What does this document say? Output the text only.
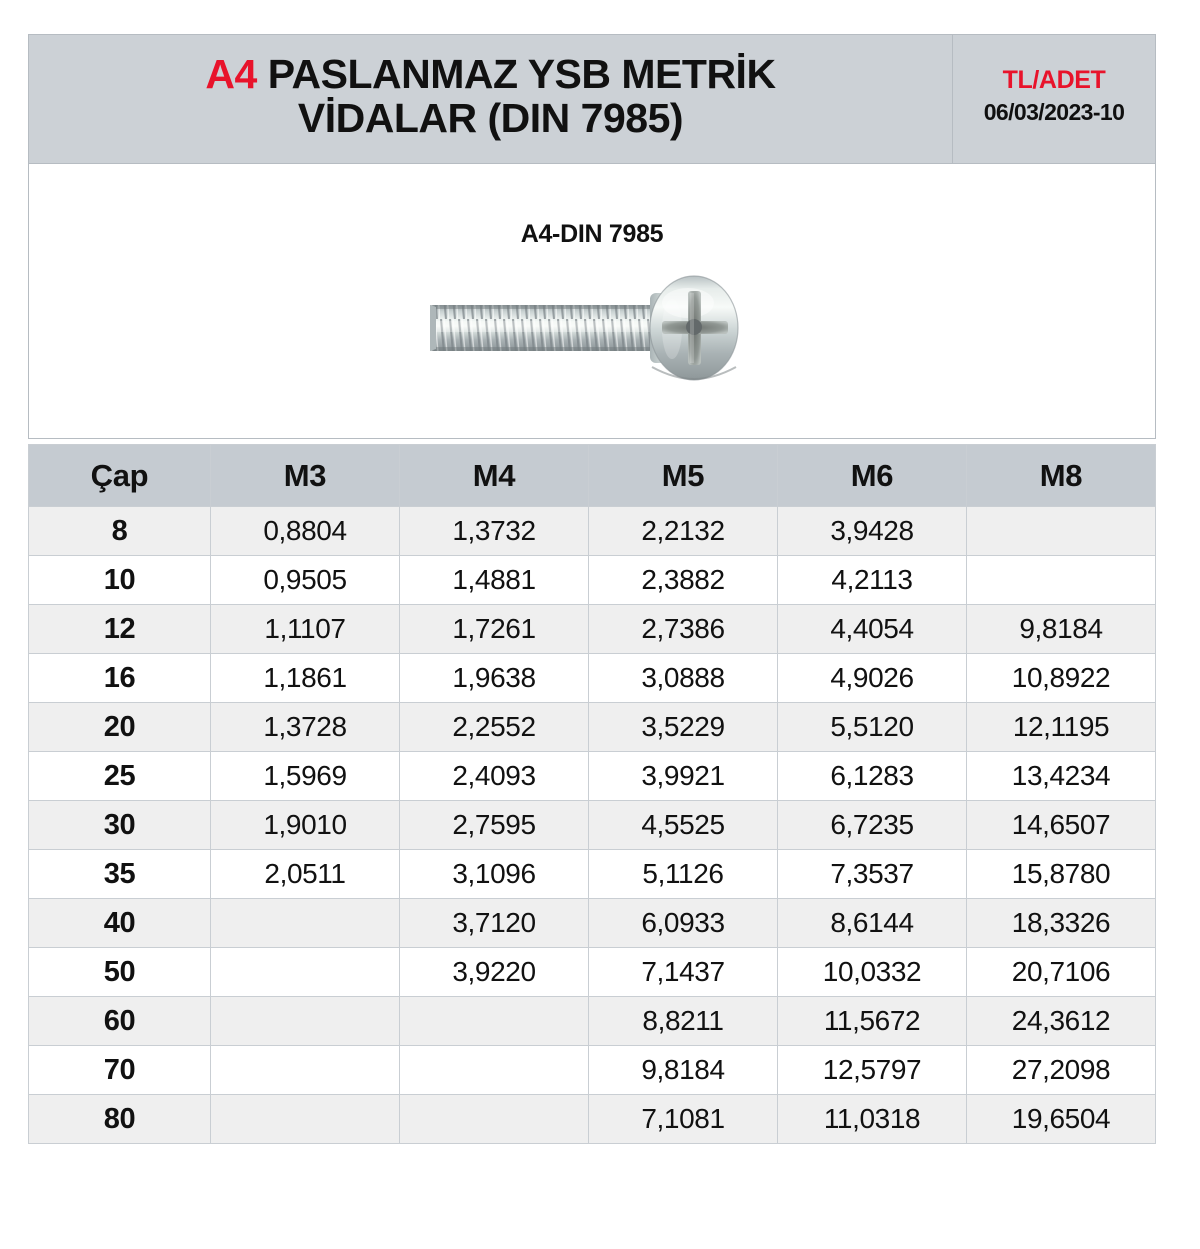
A4 PASLANMAZ YSB METRİK
VİDALAR (DIN 7985)
TL/ADET
06/03/2023-10
A4-DIN 7985
Çap	M3	M4	M5	M6	M8
8	0,8804	1,3732	2,2132	3,9428	
10	0,9505	1,4881	2,3882	4,2113	
12	1,1107	1,7261	2,7386	4,4054	9,8184
16	1,1861	1,9638	3,0888	4,9026	10,8922
20	1,3728	2,2552	3,5229	5,5120	12,1195
25	1,5969	2,4093	3,9921	6,1283	13,4234
30	1,9010	2,7595	4,5525	6,7235	14,6507
35	2,0511	3,1096	5,1126	7,3537	15,8780
40		3,7120	6,0933	8,6144	18,3326
50		3,9220	7,1437	10,0332	20,7106
60			8,8211	11,5672	24,3612
70			9,8184	12,5797	27,2098
80			7,1081	11,0318	19,6504
